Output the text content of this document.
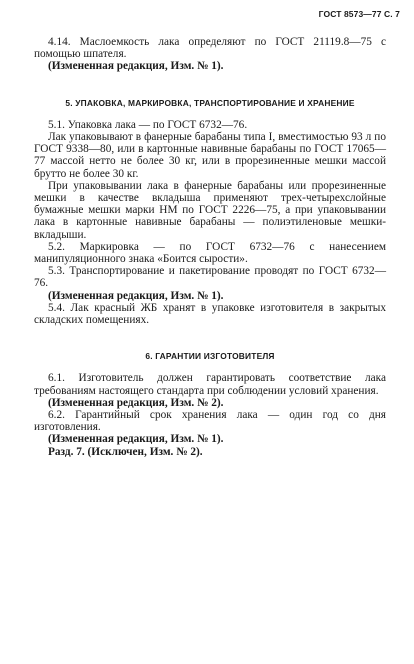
ГОСТ 8573—77 С. 7

4.14. Маслоемкость лака определяют по ГОСТ 21119.8—75 с помощью шпателя.

(Измененная редакция, Изм. № 1).

5. УПАКОВКА, МАРКИРОВКА, ТРАНСПОРТИРОВАНИЕ И ХРАНЕНИЕ

5.1. Упаковка лака — по ГОСТ 6732—76.

Лак упаковывают в фанерные барабаны типа I, вместимостью 93 л по ГОСТ 9338—80, или в картонные навивные барабаны по ГОСТ 17065—77 массой нетто не более 30 кг, или в прорезиненные мешки массой брутто не более 30 кг.

При упаковывании лака в фанерные барабаны или прорезиненные мешки в качестве вкладыша применяют трех-четырехслойные бумажные мешки марки НМ по ГОСТ 2226—75, а при упаковывании лака в картонные навивные барабаны — полиэтиленовые мешки-вкладыши.

5.2. Маркировка — по ГОСТ 6732—76 с нанесением манипуляционного знака «Боится сырости».

5.3. Транспортирование и пакетирование проводят по ГОСТ 6732—76.

(Измененная редакция, Изм. № 1).

5.4. Лак красный ЖБ хранят в упаковке изготовителя в закрытых складских помещениях.

6. ГАРАНТИИ ИЗГОТОВИТЕЛЯ

6.1. Изготовитель должен гарантировать соответствие лака требованиям настоящего стандарта при соблюдении условий хранения.

(Измененная редакция, Изм. № 2).

6.2. Гарантийный срок хранения лака — один год со дня изготовления.

(Измененная редакция, Изм. № 1).

Разд. 7. (Исключен, Изм. № 2).
